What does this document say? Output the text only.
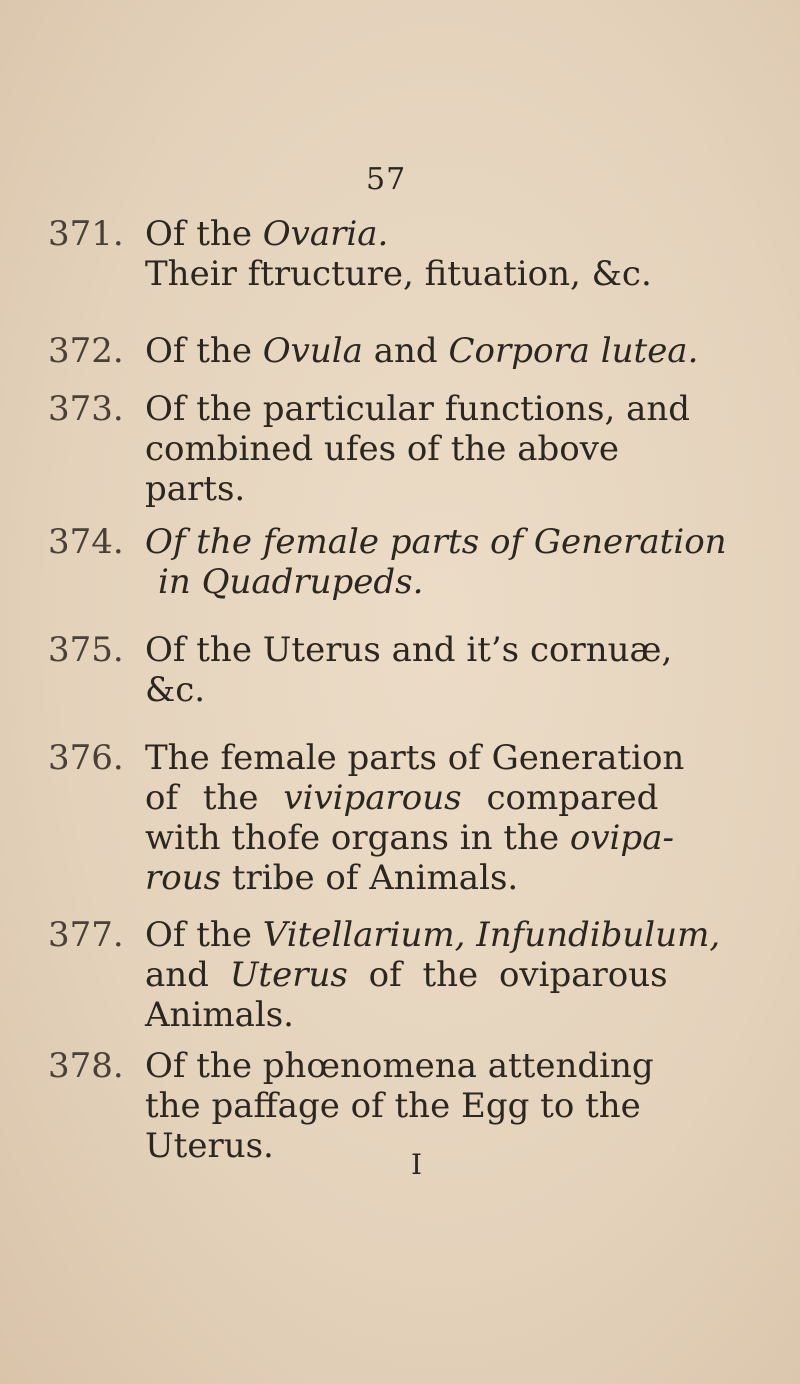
57
371. Of the Ovaria.
Their ftructure, fituation, &c.
372. Of the Ovula and Corpora lutea.
373. Of the particular functions, and
combined ufes of the above
parts.
374. Of the female parts of Generation
in Quadrupeds.
375. Of the Uterus and it’s cornuæ,
&c.
376. The female parts of Generation
of the viviparous compared
with thofe organs in the ovipa-
rous tribe of Animals.
377. Of the Vitellarium, Infundibulum,
and Uterus of the oviparous
Animals.
378. Of the phœnomena attending
the paffage of the Egg to the
Uterus.	I
